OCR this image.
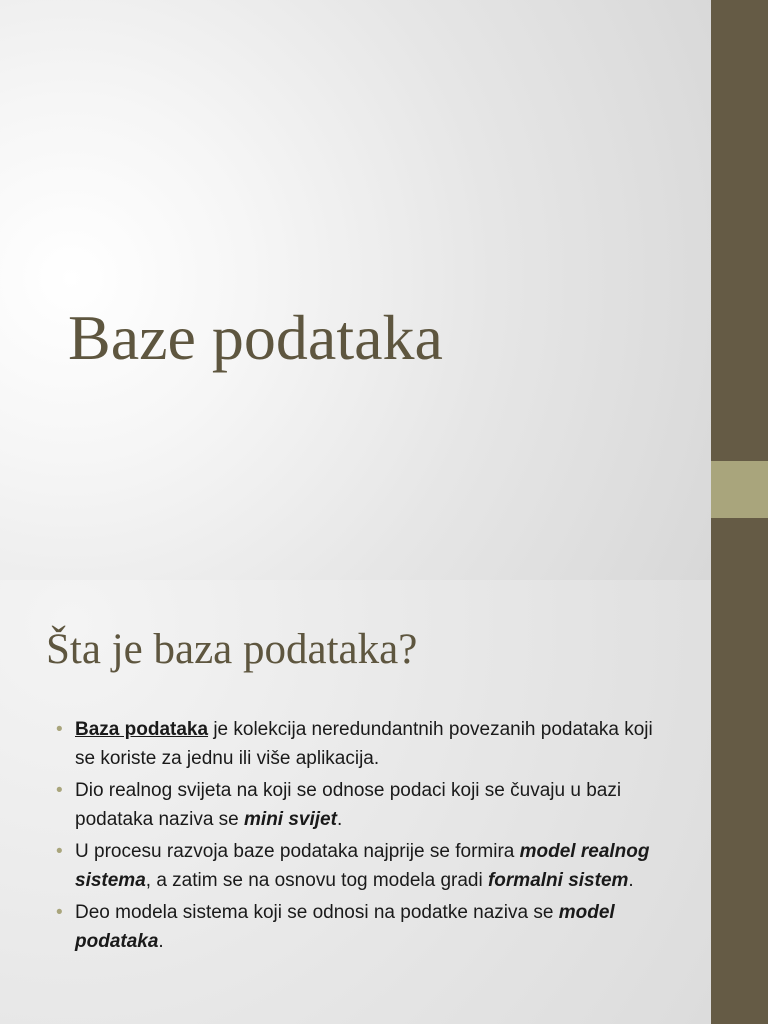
Baze podataka
Šta je baza podataka?
• Baza podataka je kolekcija neredundantnih povezanih podataka koji se koriste za jednu ili više aplikacija.
• Dio realnog svijeta na koji se odnose podaci koji se čuvaju u bazi podataka naziva se mini svijet.
• U procesu razvoja baze podataka najprije se formira model realnog sistema, a zatim se na osnovu tog modela gradi formalni sistem.
• Deo modela sistema koji se odnosi na podatke naziva se model podataka.
